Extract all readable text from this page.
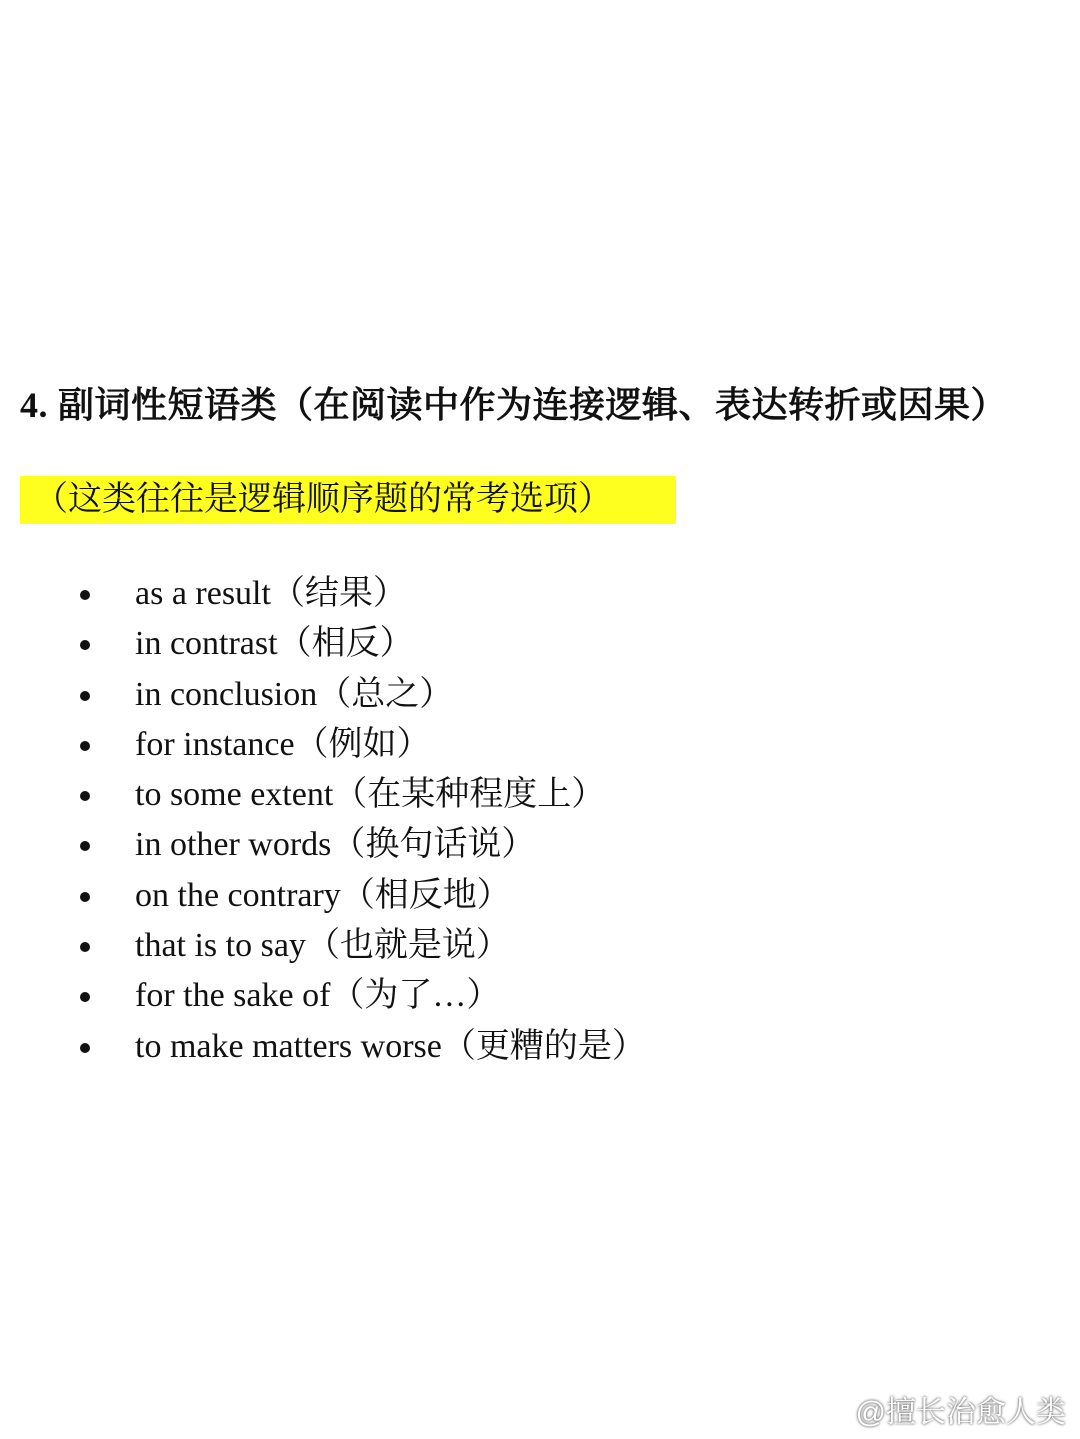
4. 副词性短语类（在阅读中作为连接逻辑、表达转折或因果）
（这类往往是逻辑顺序题的常考选项）
as a result（结果）
in contrast（相反）
in conclusion（总之）
for instance（例如）
to some extent（在某种程度上）
in other words（换句话说）
on the contrary（相反地）
that is to say（也就是说）
for the sake of（为了…）
to make matters worse（更糟的是）
@擅长治愈人类
